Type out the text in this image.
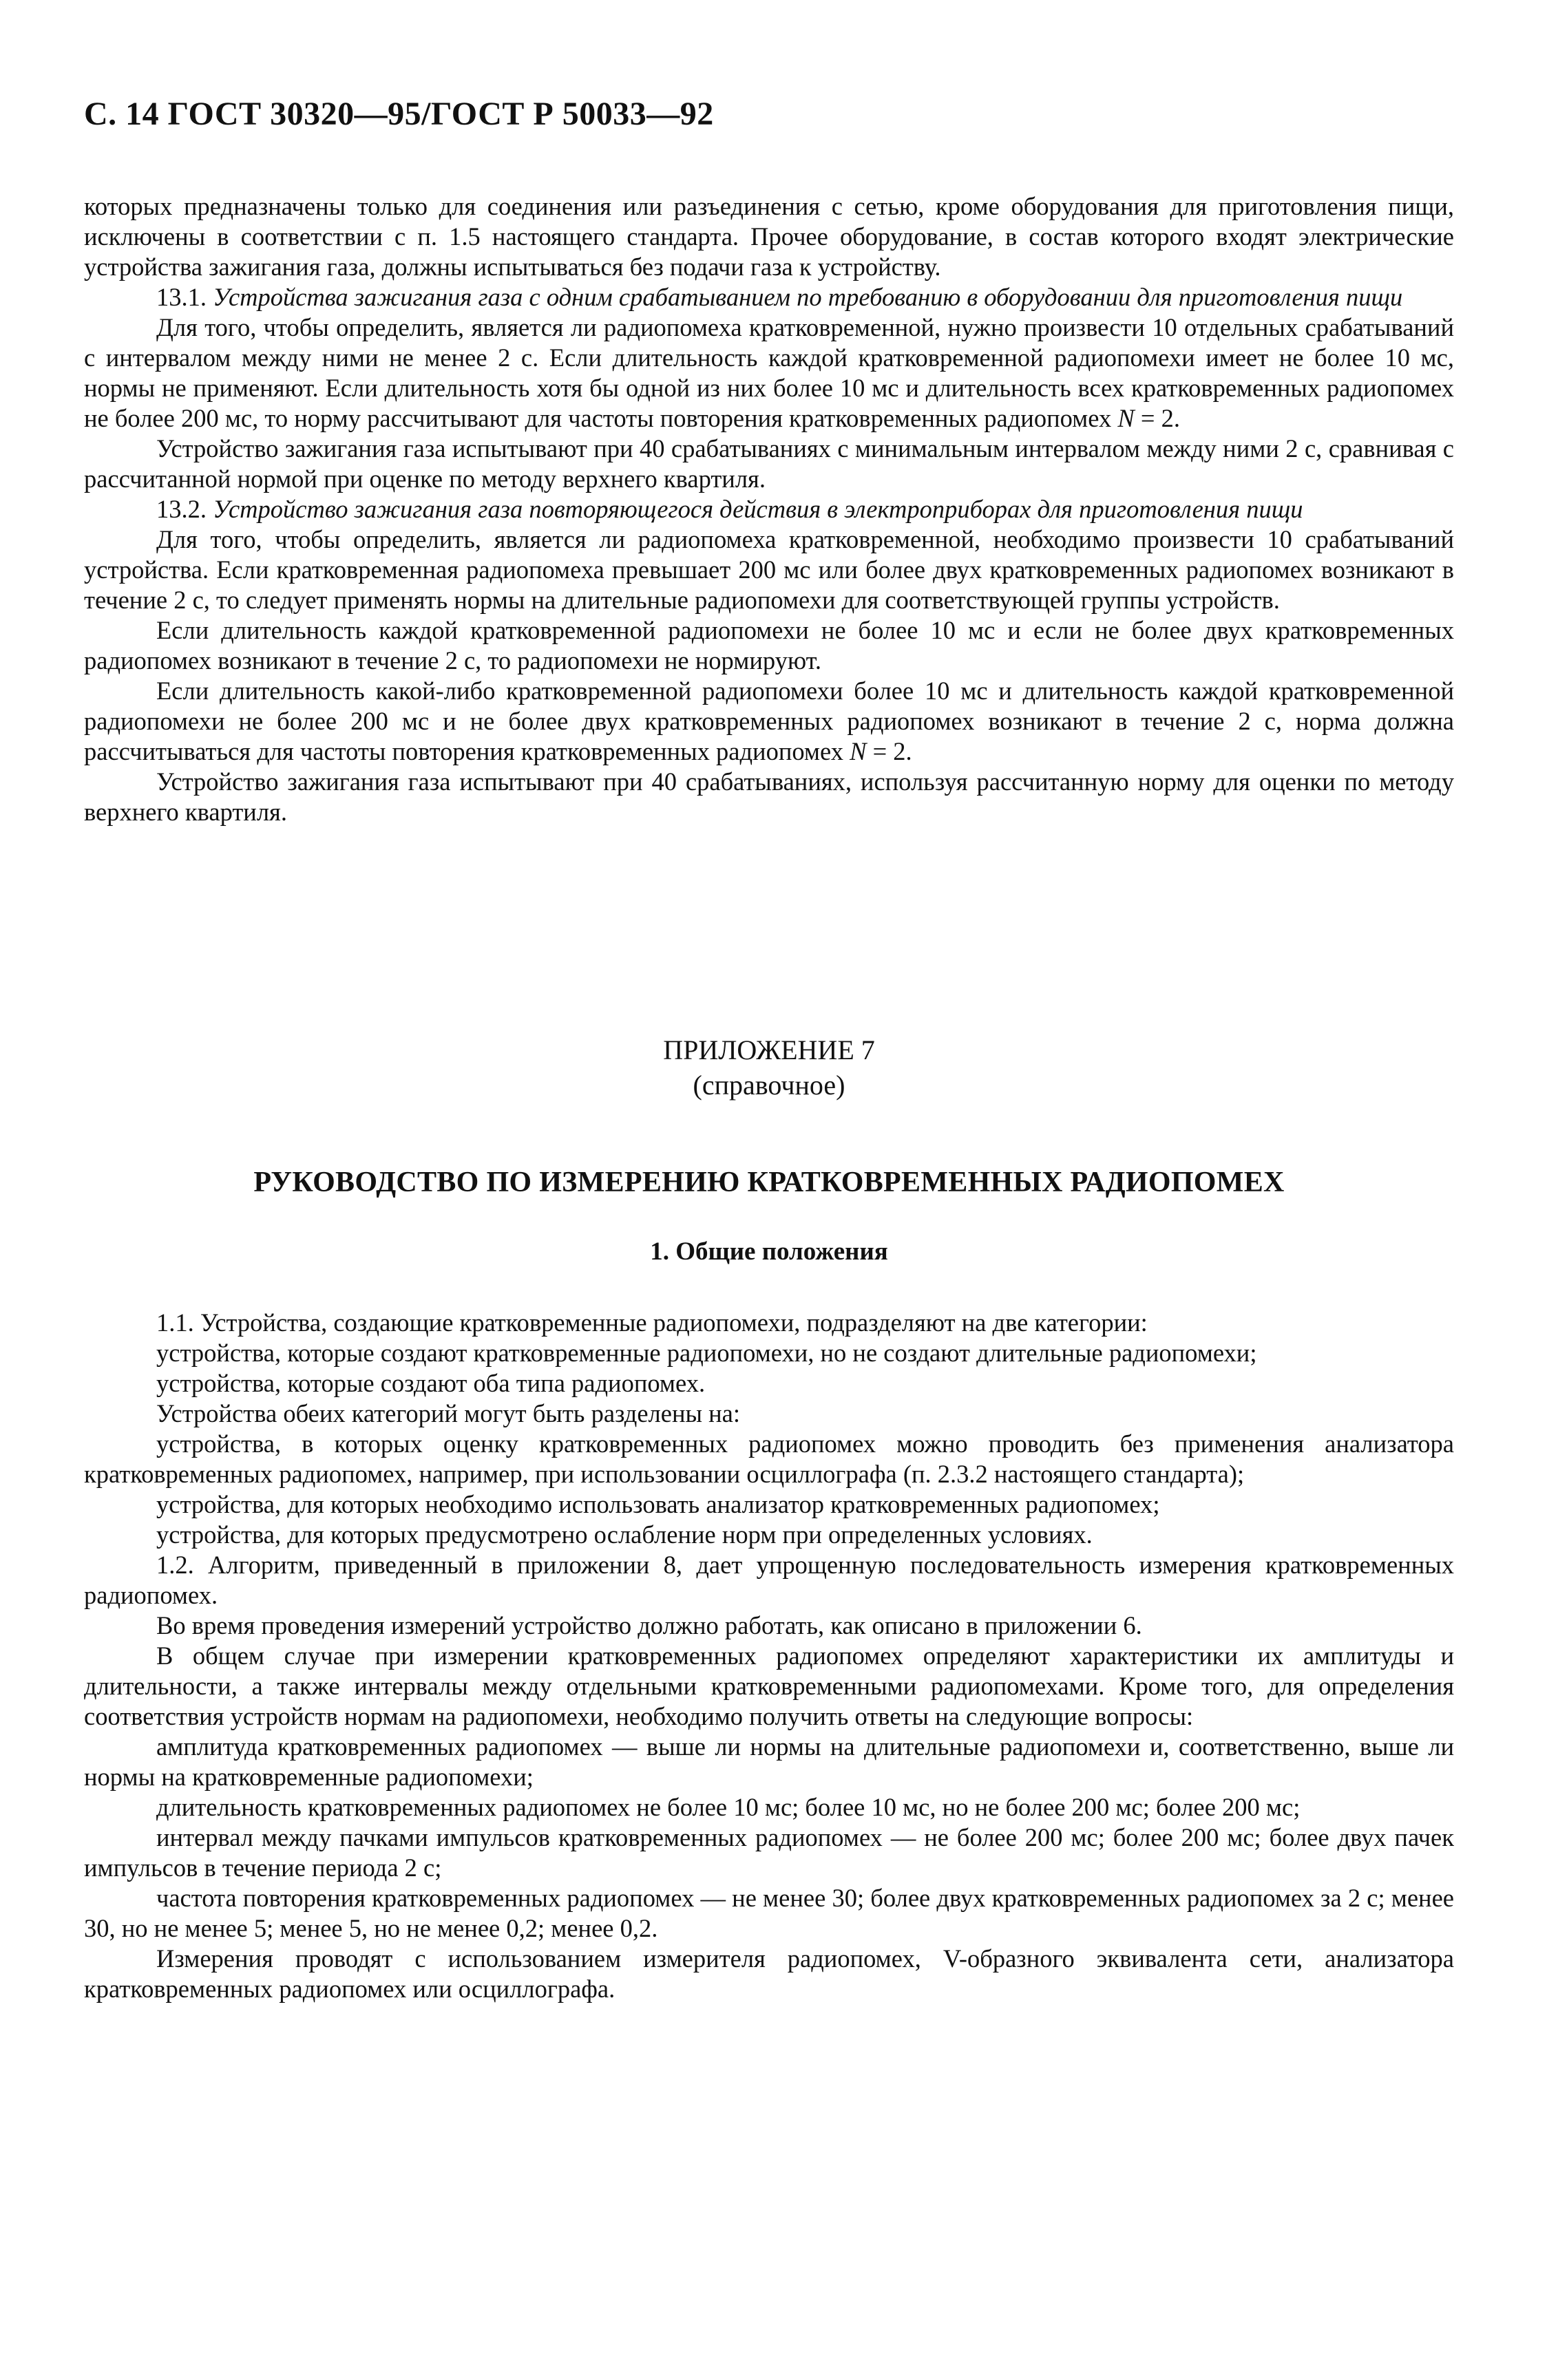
С. 14 ГОСТ 30320—95/ГОСТ Р 50033—92

которых предназначены только для соединения или разъединения с сетью, кроме оборудования для приготовления пищи, исключены в соответствии с п. 1.5 настоящего стандарта. Прочее оборудование, в состав которого входят электрические устройства зажигания газа, должны испытываться без подачи газа к устройству.

13.1. Устройства зажигания газа с одним срабатыванием по требованию в оборудовании для приготовления пищи

Для того, чтобы определить, является ли радиопомеха кратковременной, нужно произвести 10 отдельных срабатываний с интервалом между ними не менее 2 с. Если длительность каждой кратковременной радиопомехи имеет не более 10 мс, нормы не применяют. Если длительность хотя бы одной из них более 10 мс и длительность всех кратковременных радиопомех не более 200 мс, то норму рассчитывают для частоты повторения кратковременных радиопомех N = 2.

Устройство зажигания газа испытывают при 40 срабатываниях с минимальным интервалом между ними 2 с, сравнивая с рассчитанной нормой при оценке по методу верхнего квартиля.

13.2. Устройство зажигания газа повторяющегося действия в электроприборах для приготовления пищи

Для того, чтобы определить, является ли радиопомеха кратковременной, необходимо произвести 10 срабатываний устройства. Если кратковременная радиопомеха превышает 200 мс или более двух кратковременных радиопомех возникают в течение 2 с, то следует применять нормы на длительные радиопомехи для соответствующей группы устройств.

Если длительность каждой кратковременной радиопомехи не более 10 мс и если не более двух кратковременных радиопомех возникают в течение 2 с, то радиопомехи не нормируют.

Если длительность какой-либо кратковременной радиопомехи более 10 мс и длительность каждой кратковременной радиопомехи не более 200 мс и не более двух кратковременных радиопомех возникают в течение 2 с, норма должна рассчитываться для частоты повторения кратковременных радиопомех N = 2.

Устройство зажигания газа испытывают при 40 срабатываниях, используя рассчитанную норму для оценки по методу верхнего квартиля.

ПРИЛОЖЕНИЕ 7
(справочное)
РУКОВОДСТВО ПО ИЗМЕРЕНИЮ КРАТКОВРЕМЕННЫХ РАДИОПОМЕХ
1. Общие положения

1.1. Устройства, создающие кратковременные радиопомехи, подразделяют на две категории:

устройства, которые создают кратковременные радиопомехи, но не создают длительные радиопомехи;

устройства, которые создают оба типа радиопомех.

Устройства обеих категорий могут быть разделены на:

устройства, в которых оценку кратковременных радиопомех можно проводить без применения анализатора кратковременных радиопомех, например, при использовании осциллографа (п. 2.3.2 настоящего стандарта);

устройства, для которых необходимо использовать анализатор кратковременных радиопомех;

устройства, для которых предусмотрено ослабление норм при определенных условиях.

1.2. Алгоритм, приведенный в приложении 8, дает упрощенную последовательность измерения кратковременных радиопомех.

Во время проведения измерений устройство должно работать, как описано в приложении 6.

В общем случае при измерении кратковременных радиопомех определяют характеристики их амплитуды и длительности, а также интервалы между отдельными кратковременными радиопомехами. Кроме того, для определения соответствия устройств нормам на радиопомехи, необходимо получить ответы на следующие вопросы:

амплитуда кратковременных радиопомех — выше ли нормы на длительные радиопомехи и, соответственно, выше ли нормы на кратковременные радиопомехи;

длительность кратковременных радиопомех не более 10 мс; более 10 мс, но не более 200 мс; более 200 мс;

интервал между пачками импульсов кратковременных радиопомех — не более 200 мс; более 200 мс; более двух пачек импульсов в течение периода 2 с;

частота повторения кратковременных радиопомех — не менее 30; более двух кратковременных радиопомех за 2 с; менее 30, но не менее 5; менее 5, но не менее 0,2; менее 0,2.

Измерения проводят с использованием измерителя радиопомех, V-образного эквивалента сети, анализатора кратковременных радиопомех или осциллографа.
